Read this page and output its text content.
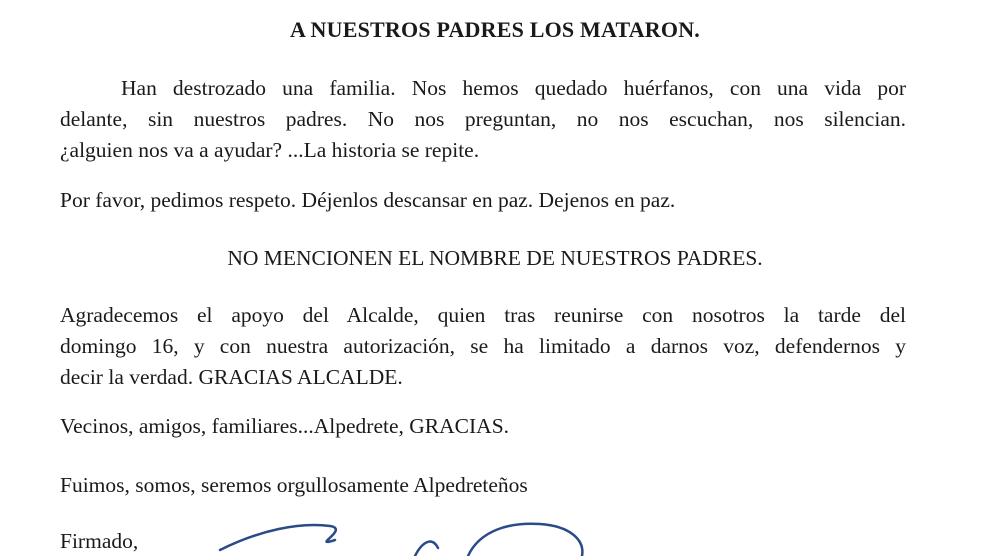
A NUESTROS PADRES LOS MATARON.
Han destrozado una familia. Nos hemos quedado huérfanos, con una vida por
delante, sin nuestros padres. No nos preguntan, no nos escuchan, nos silencian.
¿alguien nos va a ayudar? ...La historia se repite.
Por favor, pedimos respeto. Déjenlos descansar en paz. Dejenos en paz.
NO MENCIONEN EL NOMBRE DE NUESTROS PADRES.
Agradecemos el apoyo del Alcalde, quien tras reunirse con nosotros la tarde del
domingo 16, y con nuestra autorización, se ha limitado a darnos voz, defendernos y
decir la verdad. GRACIAS ALCALDE.
Vecinos, amigos, familiares...Alpedrete, GRACIAS.
Fuimos, somos, seremos orgullosamente Alpedreteños
Firmado,
